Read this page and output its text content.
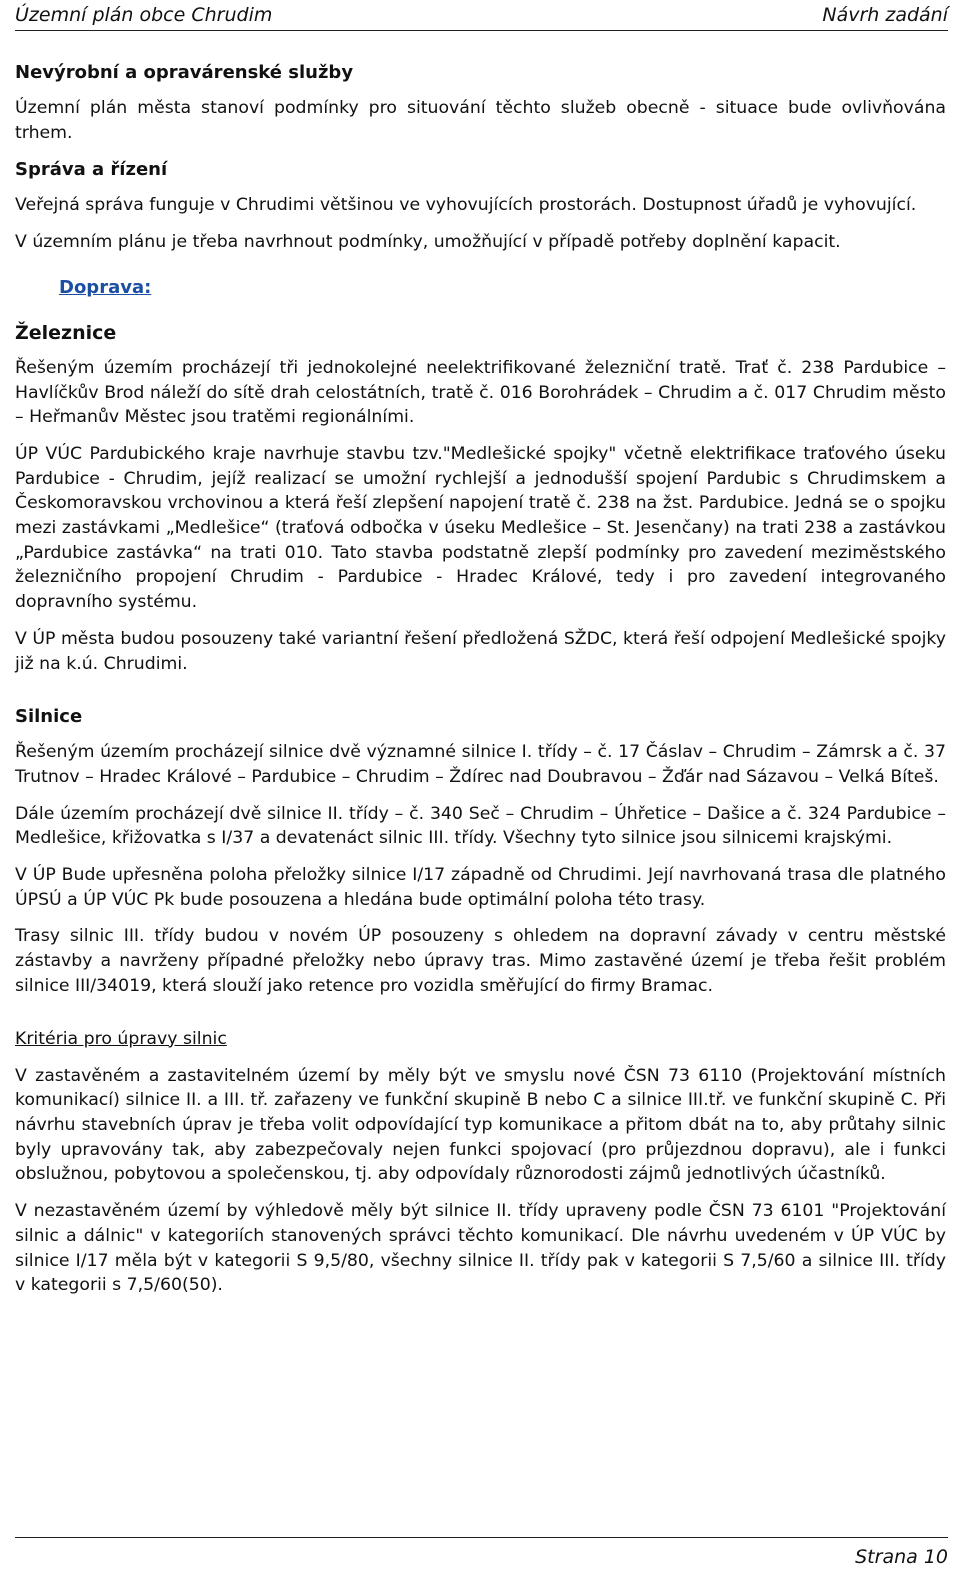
Územní plán obce Chrudim	Návrh zadání
Nevýrobní a opravárenské služby

Územní plán města stanoví podmínky pro situování těchto služeb obecně - situace bude ovlivňována trhem.

Správa a řízení

Veřejná správa funguje v Chrudimi většinou ve vyhovujících prostorách. Dostupnost úřadů je vyhovující.

V územním plánu je třeba navrhnout podmínky, umožňující v případě potřeby doplnění kapacit.

Doprava:
Železnice

Řešeným územím procházejí tři jednokolejné neelektrifikované železniční tratě. Trať č. 238 Pardubice – Havlíčkův Brod náleží do sítě drah celostátních, tratě č. 016 Borohrádek – Chrudim a č. 017 Chrudim město – Heřmanův Městec jsou tratěmi regionálními.

ÚP VÚC Pardubického kraje navrhuje stavbu tzv."Medlešické spojky" včetně elektrifikace traťového úseku Pardubice - Chrudim, jejíž realizací se umožní rychlejší a jednodušší spojení Pardubic s Chrudimskem a Českomoravskou vrchovinou a která řeší zlepšení napojení tratě č. 238 na žst. Pardubice. Jedná se o spojku mezi zastávkami „Medlešice“ (traťová odbočka v úseku Medlešice – St. Jesenčany) na trati 238 a zastávkou „Pardubice zastávka“ na trati 010. Tato stavba podstatně zlepší podmínky pro zavedení meziměstského železničního propojení Chrudim - Pardubice - Hradec Králové, tedy i pro zavedení integrovaného dopravního systému.

V ÚP města budou posouzeny také variantní řešení předložená SŽDC, která řeší odpojení Medlešické spojky již na k.ú. Chrudimi.

Silnice

Řešeným územím procházejí silnice dvě významné silnice I. třídy – č. 17 Čáslav – Chrudim – Zámrsk a č. 37 Trutnov – Hradec Králové – Pardubice – Chrudim – Ždírec nad Doubravou – Žďár nad Sázavou – Velká Bíteš.

Dále územím procházejí dvě silnice II. třídy – č. 340 Seč – Chrudim – Úhřetice – Dašice a č. 324 Pardubice – Medlešice, křižovatka s I/37 a devatenáct silnic III. třídy. Všechny tyto silnice jsou silnicemi krajskými.

V ÚP Bude upřesněna poloha přeložky silnice I/17 západně od Chrudimi. Její navrhovaná trasa dle platného ÚPSÚ a ÚP VÚC Pk bude posouzena a hledána bude optimální poloha této trasy.

Trasy silnic III. třídy budou v novém ÚP posouzeny s ohledem na dopravní závady v centru městské zástavby a navrženy případné přeložky nebo úpravy tras. Mimo zastavěné území je třeba řešit problém silnice III/34019, která slouží jako retence pro vozidla směřující do firmy Bramac.

Kritéria pro úpravy silnic

V zastavěném a zastavitelném území by měly být ve smyslu nové ČSN 73 6110 (Projektování místních komunikací) silnice II. a III. tř. zařazeny ve funkční skupině B nebo C a silnice III.tř. ve funkční skupině C. Při návrhu stavebních úprav je třeba volit odpovídající typ komunikace a přitom dbát na to, aby průtahy silnic byly upravovány tak, aby zabezpečovaly nejen funkci spojovací (pro průjezdnou dopravu), ale i funkci obslužnou, pobytovou a společenskou, tj. aby odpovídaly různorodosti zájmů jednotlivých účastníků.

V nezastavěném území by výhledově měly být silnice II. třídy upraveny podle ČSN 73 6101 "Projektování silnic a dálnic" v kategoriích stanovených správci těchto komunikací. Dle návrhu uvedeném v ÚP VÚC by silnice I/17 měla být v kategorii S 9,5/80, všechny silnice II. třídy pak v kategorii S 7,5/60 a silnice III. třídy v kategorii s 7,5/60(50).

Strana 10
